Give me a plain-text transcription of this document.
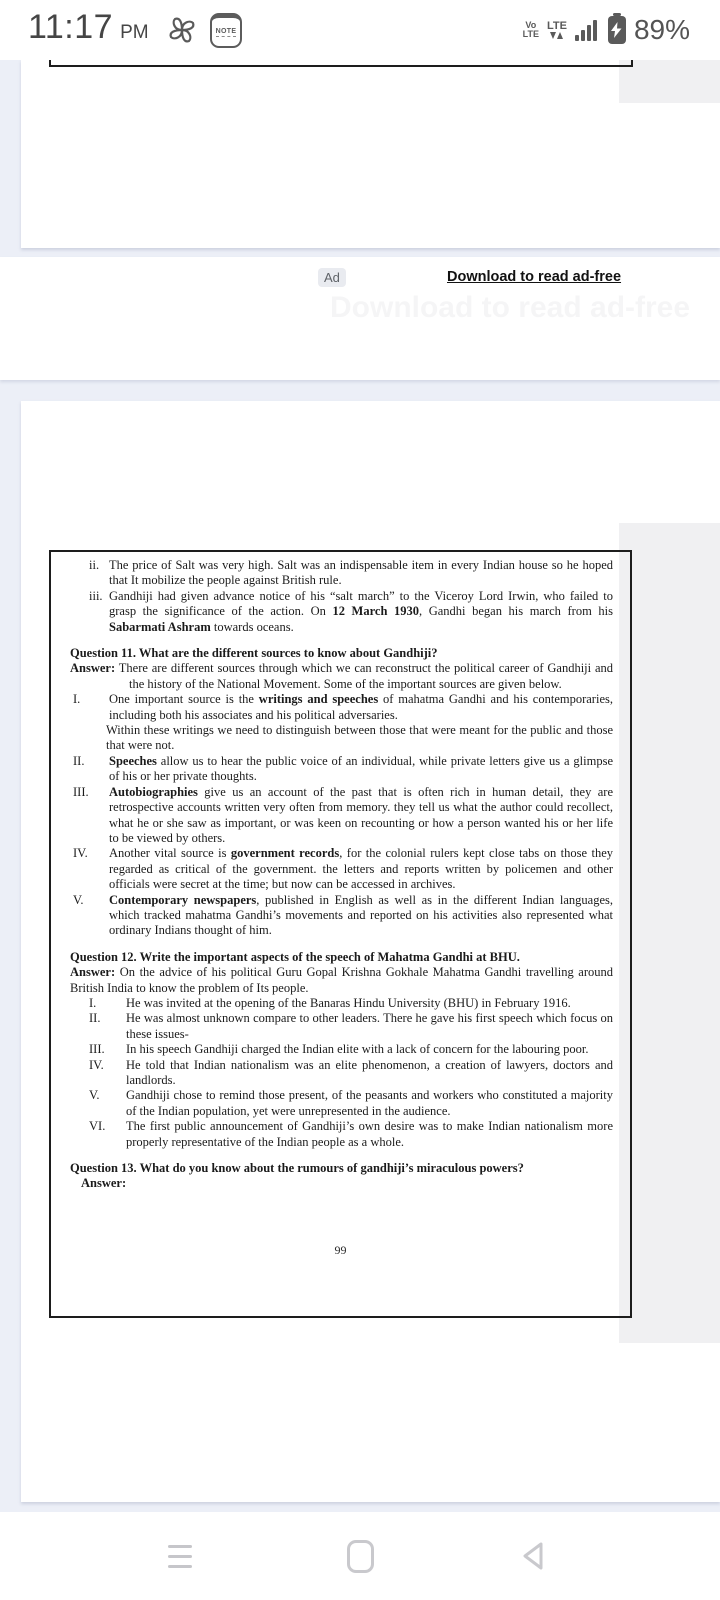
11:17 PM	NOTE
Vo
LTE
LTE 89%
Ad	Download to read ad-free
Download to read ad-free
ii. The price of Salt was very high. Salt was an indispensable item in every Indian house so he hoped that It mobilize the people against British rule.
iii. Gandhiji had given advance notice of his “salt march” to the Viceroy Lord Irwin, who failed to grasp the significance of the action. On 12 March 1930, Gandhi began his march from his Sabarmati Ashram towards oceans.
Question 11. What are the different sources to know about Gandhiji?
Answer: There are different sources through which we can reconstruct the political career of Gandhiji and the history of the National Movement. Some of the important sources are given below.
I. One important source is the writings and speeches of mahatma Gandhi and his contemporaries, including both his associates and his political adversaries.
Within these writings we need to distinguish between those that were meant for the public and those that were not.
II. Speeches allow us to hear the public voice of an individual, while private letters give us a glimpse of his or her private thoughts.
III. Autobiographies give us an account of the past that is often rich in human detail, they are retrospective accounts written very often from memory. they tell us what the author could recollect, what he or she saw as important, or was keen on recounting or how a person wanted his or her life to be viewed by others.
IV. Another vital source is government records, for the colonial rulers kept close tabs on those they regarded as critical of the government. the letters and reports written by policemen and other officials were secret at the time; but now can be accessed in archives.
V. Contemporary newspapers, published in English as well as in the different Indian languages, which tracked mahatma Gandhi’s movements and reported on his activities also represented what ordinary Indians thought of him.
Question 12. Write the important aspects of the speech of Mahatma Gandhi at BHU.
Answer: On the advice of his political Guru Gopal Krishna Gokhale Mahatma Gandhi travelling around British India to know the problem of Its people.
I. He was invited at the opening of the Banaras Hindu University (BHU) in February 1916.
II. He was almost unknown compare to other leaders. There he gave his first speech which focus on these issues-
III. In his speech Gandhiji charged the Indian elite with a lack of concern for the labouring poor.
IV. He told that Indian nationalism was an elite phenomenon, a creation of lawyers, doctors and landlords.
V. Gandhiji chose to remind those present, of the peasants and workers who constituted a majority of the Indian population, yet were unrepresented in the audience.
VI. The first public announcement of Gandhiji’s own desire was to make Indian nationalism more properly representative of the Indian people as a whole.
Question 13. What do you know about the rumours of gandhiji’s miraculous powers?
Answer:
99
